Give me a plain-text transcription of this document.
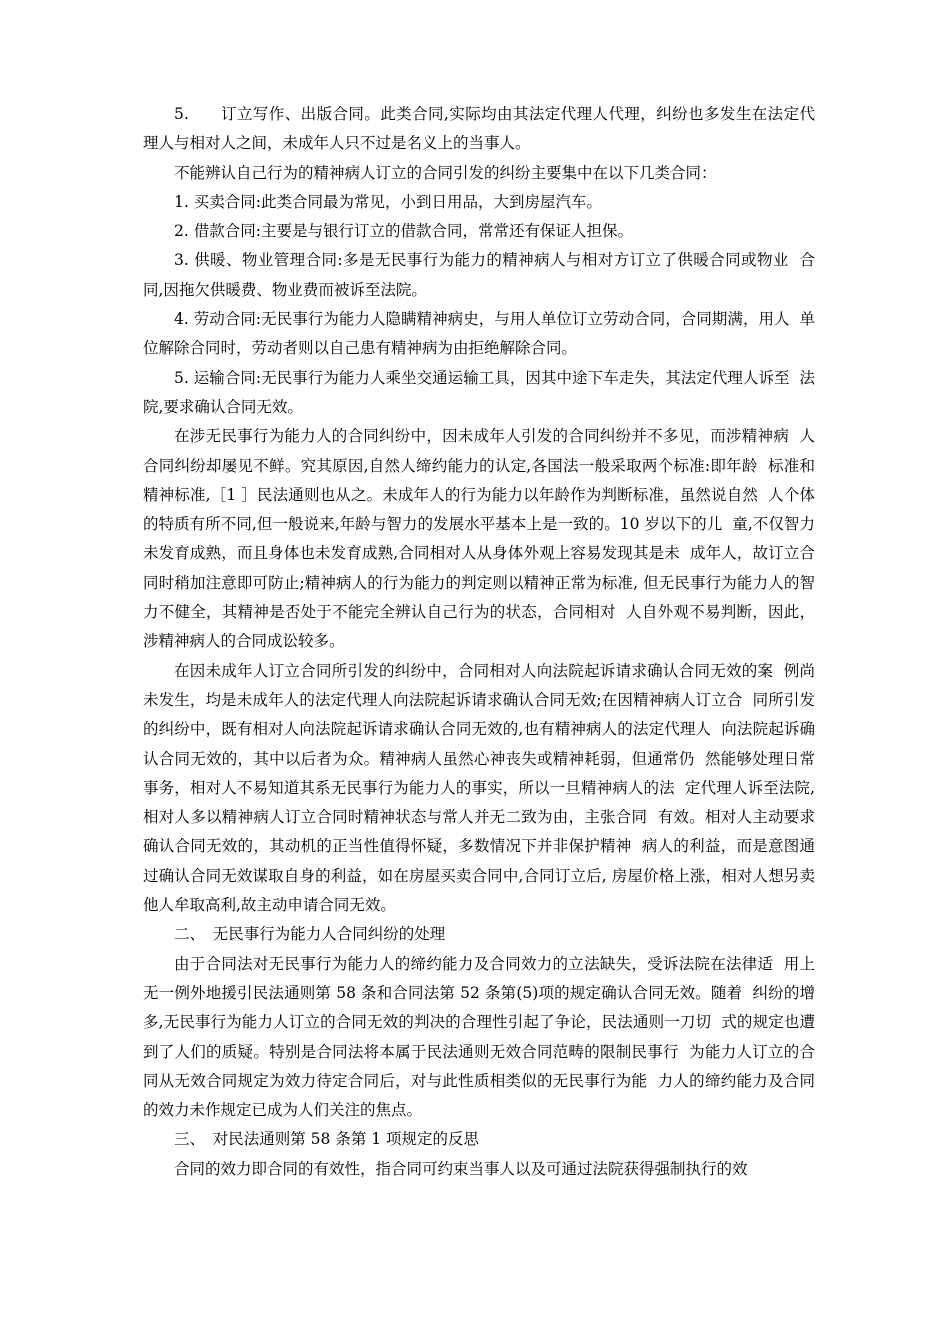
5.　　订立写作、出版合同。此类合同,实际均由其法定代理人代理，纠纷也多发生在法定代  理人与相对人之间，未成年人只不过是名义上的当事人。

不能辨认自己行为的精神病人订立的合同引发的纠纷主要集中在以下几类合同：

1. 买卖合同:此类合同最为常见，小到日用品，大到房屋汽车。

2. 借款合同:主要是与银行订立的借款合同，常常还有保证人担保。

3. 供暖、物业管理合同:多是无民事行为能力的精神病人与相对方订立了供暖合同或物业  合同,因拖欠供暖费、物业费而被诉至法院。

4. 劳动合同:无民事行为能力人隐瞒精神病史，与用人单位订立劳动合同，合同期满，用人  单位解除合同时，劳动者则以自己患有精神病为由拒绝解除合同。

5. 运输合同:无民事行为能力人乘坐交通运输工具，因其中途下车走失，其法定代理人诉至  法院,要求确认合同无效。

在涉无民事行为能力人的合同纠纷中，因未成年人引发的合同纠纷并不多见，而涉精神病  人合同纠纷却屡见不鲜。究其原因,自然人缔约能力的认定,各国法一般采取两个标准:即年龄  标准和精神标准,［1 ］民法通则也从之。未成年人的行为能力以年龄作为判断标准，虽然说自然  人个体的特质有所不同,但一般说来,年龄与智力的发展水平基本上是一致的。10 岁以下的儿  童,不仅智力未发育成熟，而且身体也未发育成熟,合同相对人从身体外观上容易发现其是未  成年人，故订立合同时稍加注意即可防止;精神病人的行为能力的判定则以精神正常为标准, 但无民事行为能力人的智力不健全，其精神是否处于不能完全辨认自己行为的状态，合同相对  人自外观不易判断，因此，涉精神病人的合同成讼较多。

在因未成年人订立合同所引发的纠纷中，合同相对人向法院起诉请求确认合同无效的案  例尚未发生，均是未成年人的法定代理人向法院起诉请求确认合同无效;在因精神病人订立合  同所引发的纠纷中，既有相对人向法院起诉请求确认合同无效的,也有精神病人的法定代理人  向法院起诉确认合同无效的，其中以后者为众。精神病人虽然心神丧失或精神耗弱，但通常仍  然能够处理日常事务，相对人不易知道其系无民事行为能力人的事实，所以一旦精神病人的法  定代理人诉至法院,相对人多以精神病人订立合同时精神状态与常人并无二致为由，主张合同  有效。相对人主动要求确认合同无效的，其动机的正当性值得怀疑，多数情况下并非保护精神  病人的利益，而是意图通过确认合同无效谋取自身的利益，如在房屋买卖合同中,合同订立后, 房屋价格上涨，相对人想另卖他人牟取高利,故主动申请合同无效。

二、　无民事行为能力人合同纠纷的处理

由于合同法对无民事行为能力人的缔约能力及合同效力的立法缺失，受诉法院在法律适  用上无一例外地援引民法通则第 58 条和合同法第 52 条第(5)项的规定确认合同无效。随着  纠纷的增多,无民事行为能力人订立的合同无效的判决的合理性引起了争论，民法通则一刀切  式的规定也遭到了人们的质疑。特别是合同法将本属于民法通则无效合同范畴的限制民事行  为能力人订立的合同从无效合同规定为效力待定合同后，对与此性质相类似的无民事行为能  力人的缔约能力及合同的效力未作规定已成为人们关注的焦点。

三、　对民法通则第 58 条第 1 项规定的反思

合同的效力即合同的有效性，指合同可约束当事人以及可通过法院获得强制执行的效
